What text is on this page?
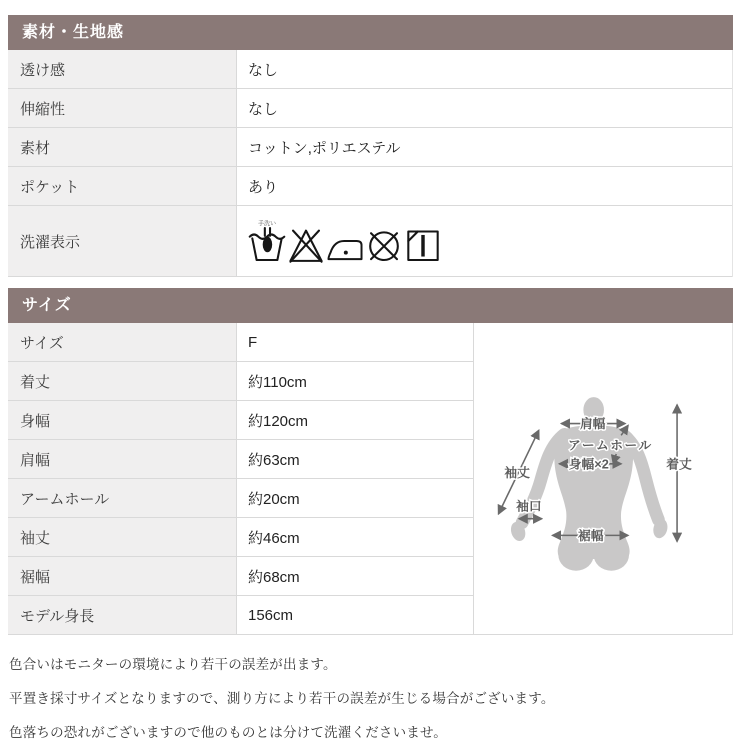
素材・生地感
透け感	なし
伸縮性	なし
素材	コットン,ポリエステル
ポケット	あり
洗濯表示
手洗い
サイズ
サイズ	F
着丈	約110cm
身幅	約120cm
肩幅	約63cm
アームホール	約20cm
袖丈	約46cm
裾幅	約68cm
モデル身長	156cm
肩幅
アームホール
身幅×2	着丈
袖丈
袖口
裾幅

色合いはモニターの環境により若干の誤差が出ます。

平置き採寸サイズとなりますので、測り方により若干の誤差が生じる場合がございます。

色落ちの恐れがございますので他のものとは分けて洗濯くださいませ。
